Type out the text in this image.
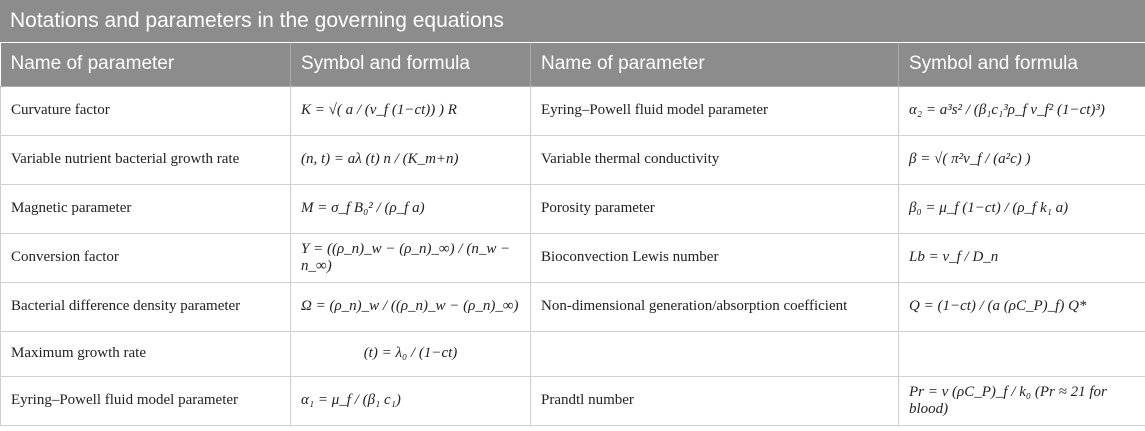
Notations and parameters in the governing equations
Name of parameter	Symbol and formula	Name of parameter	Symbol and formula
Curvature factor	K = √( a / (ν_f (1−ct)) ) R	Eyring–Powell fluid model parameter	α₂ = a³s² / (β₁c₁³ρ_f ν_f² (1−ct)³)
Variable nutrient bacterial growth rate	(n, t) = aλ (t) n / (K_m+n)	Variable thermal conductivity	β = √( π²ν_f / (a²c) )
Magnetic parameter	M = σ_f B₀² / (ρ_f a)	Porosity parameter	β₀ = μ_f (1−ct) / (ρ_f k₁ a)
Conversion factor	Y = ((ρ_n)_w − (ρ_n)_∞) / (n_w − n_∞)	Bioconvection Lewis number	Lb = ν_f / D_n
Bacterial difference density parameter	Ω = (ρ_n)_w / ((ρ_n)_w − (ρ_n)_∞)	Non-dimensional generation/absorption coefficient	Q = (1−ct) / (a (ρC_P)_f) Q*
Maximum growth rate	(t) = λ₀ / (1−ct)		
Eyring–Powell fluid model parameter	α₁ = μ_f / (β₁ c₁)	Prandtl number	Pr = ν (ρC_P)_f / k₀ (Pr ≈ 21 for blood)
